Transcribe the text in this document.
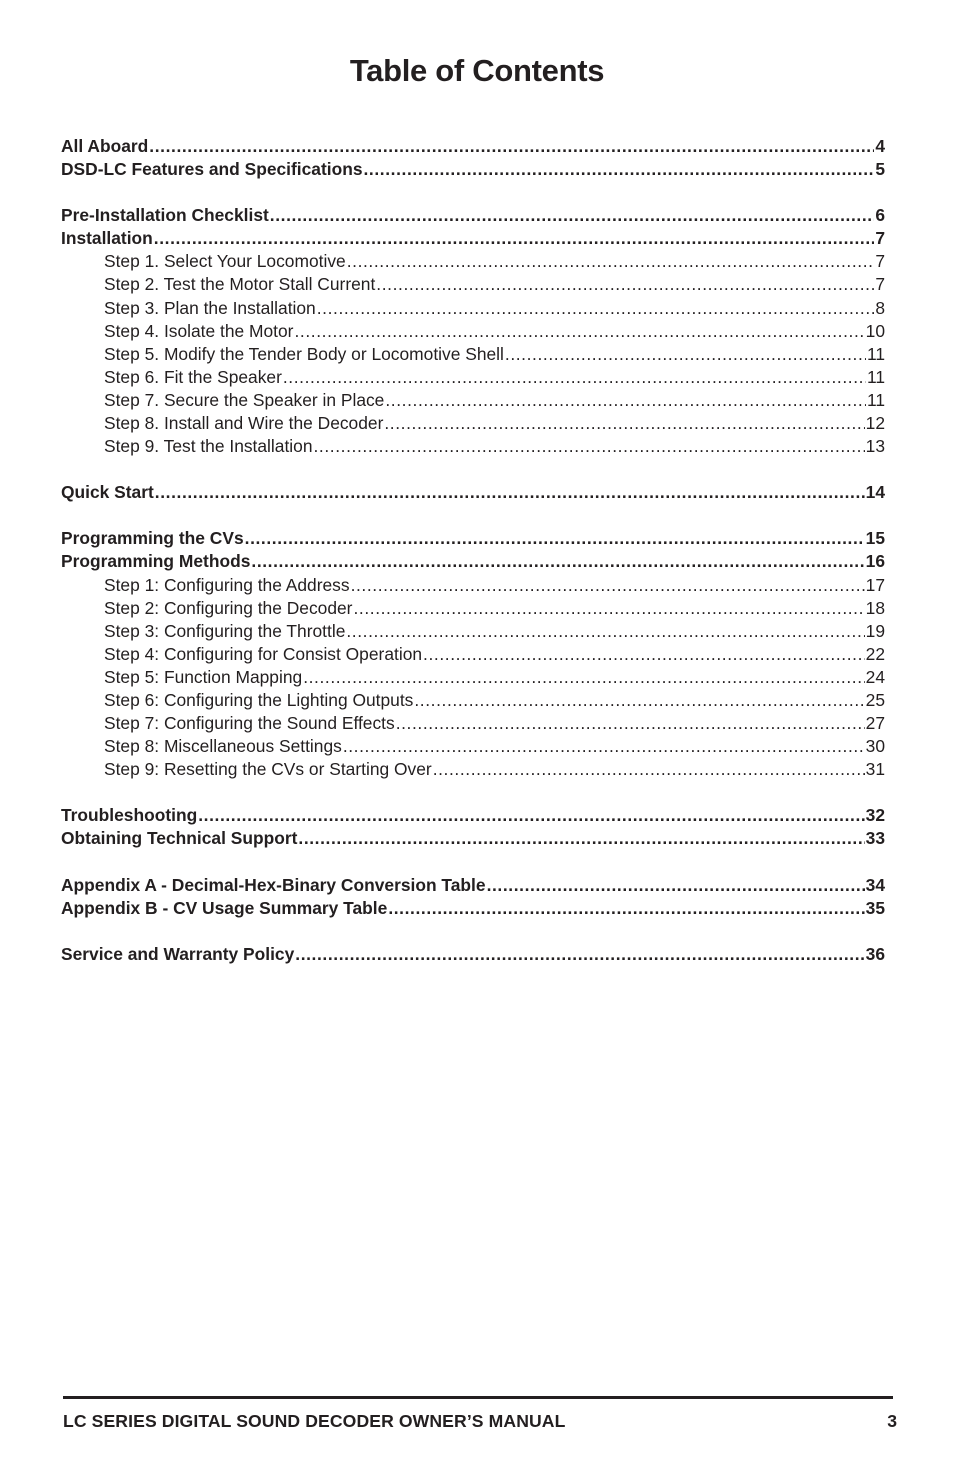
Table of Contents
All Aboard .....	4
DSD-LC Features and Specifications .....	5
Pre-Installation Checklist .....	6
Installation .....	7
Step 1. Select Your Locomotive .....	7
Step 2. Test the Motor Stall Current .....	7
Step 3. Plan the Installation .....	8
Step 4. Isolate the Motor .....	10
Step 5. Modify the Tender Body or Locomotive Shell .....	11
Step 6. Fit the Speaker .....	11
Step 7. Secure the Speaker in Place .....	11
Step 8. Install and Wire the Decoder .....	12
Step 9. Test the Installation .....	13
Quick Start .....	14
Programming the CVs .....	15
Programming Methods .....	16
Step 1: Configuring the Address .....	17
Step 2: Configuring the Decoder .....	18
Step 3: Configuring the Throttle .....	19
Step 4: Configuring for Consist Operation .....	22
Step 5: Function Mapping .....	24
Step 6: Configuring the Lighting Outputs .....	25
Step 7: Configuring the Sound Effects .....	27
Step 8: Miscellaneous Settings .....	30
Step 9: Resetting the CVs or Starting Over .....	31
Troubleshooting .....	32
Obtaining Technical Support .....	33
Appendix A - Decimal-Hex-Binary Conversion Table .....	34
Appendix B - CV Usage Summary Table .....	35
Service and Warranty Policy .....	36
LC SERIES DIGITAL SOUND DECODER OWNER’S MANUAL	3
